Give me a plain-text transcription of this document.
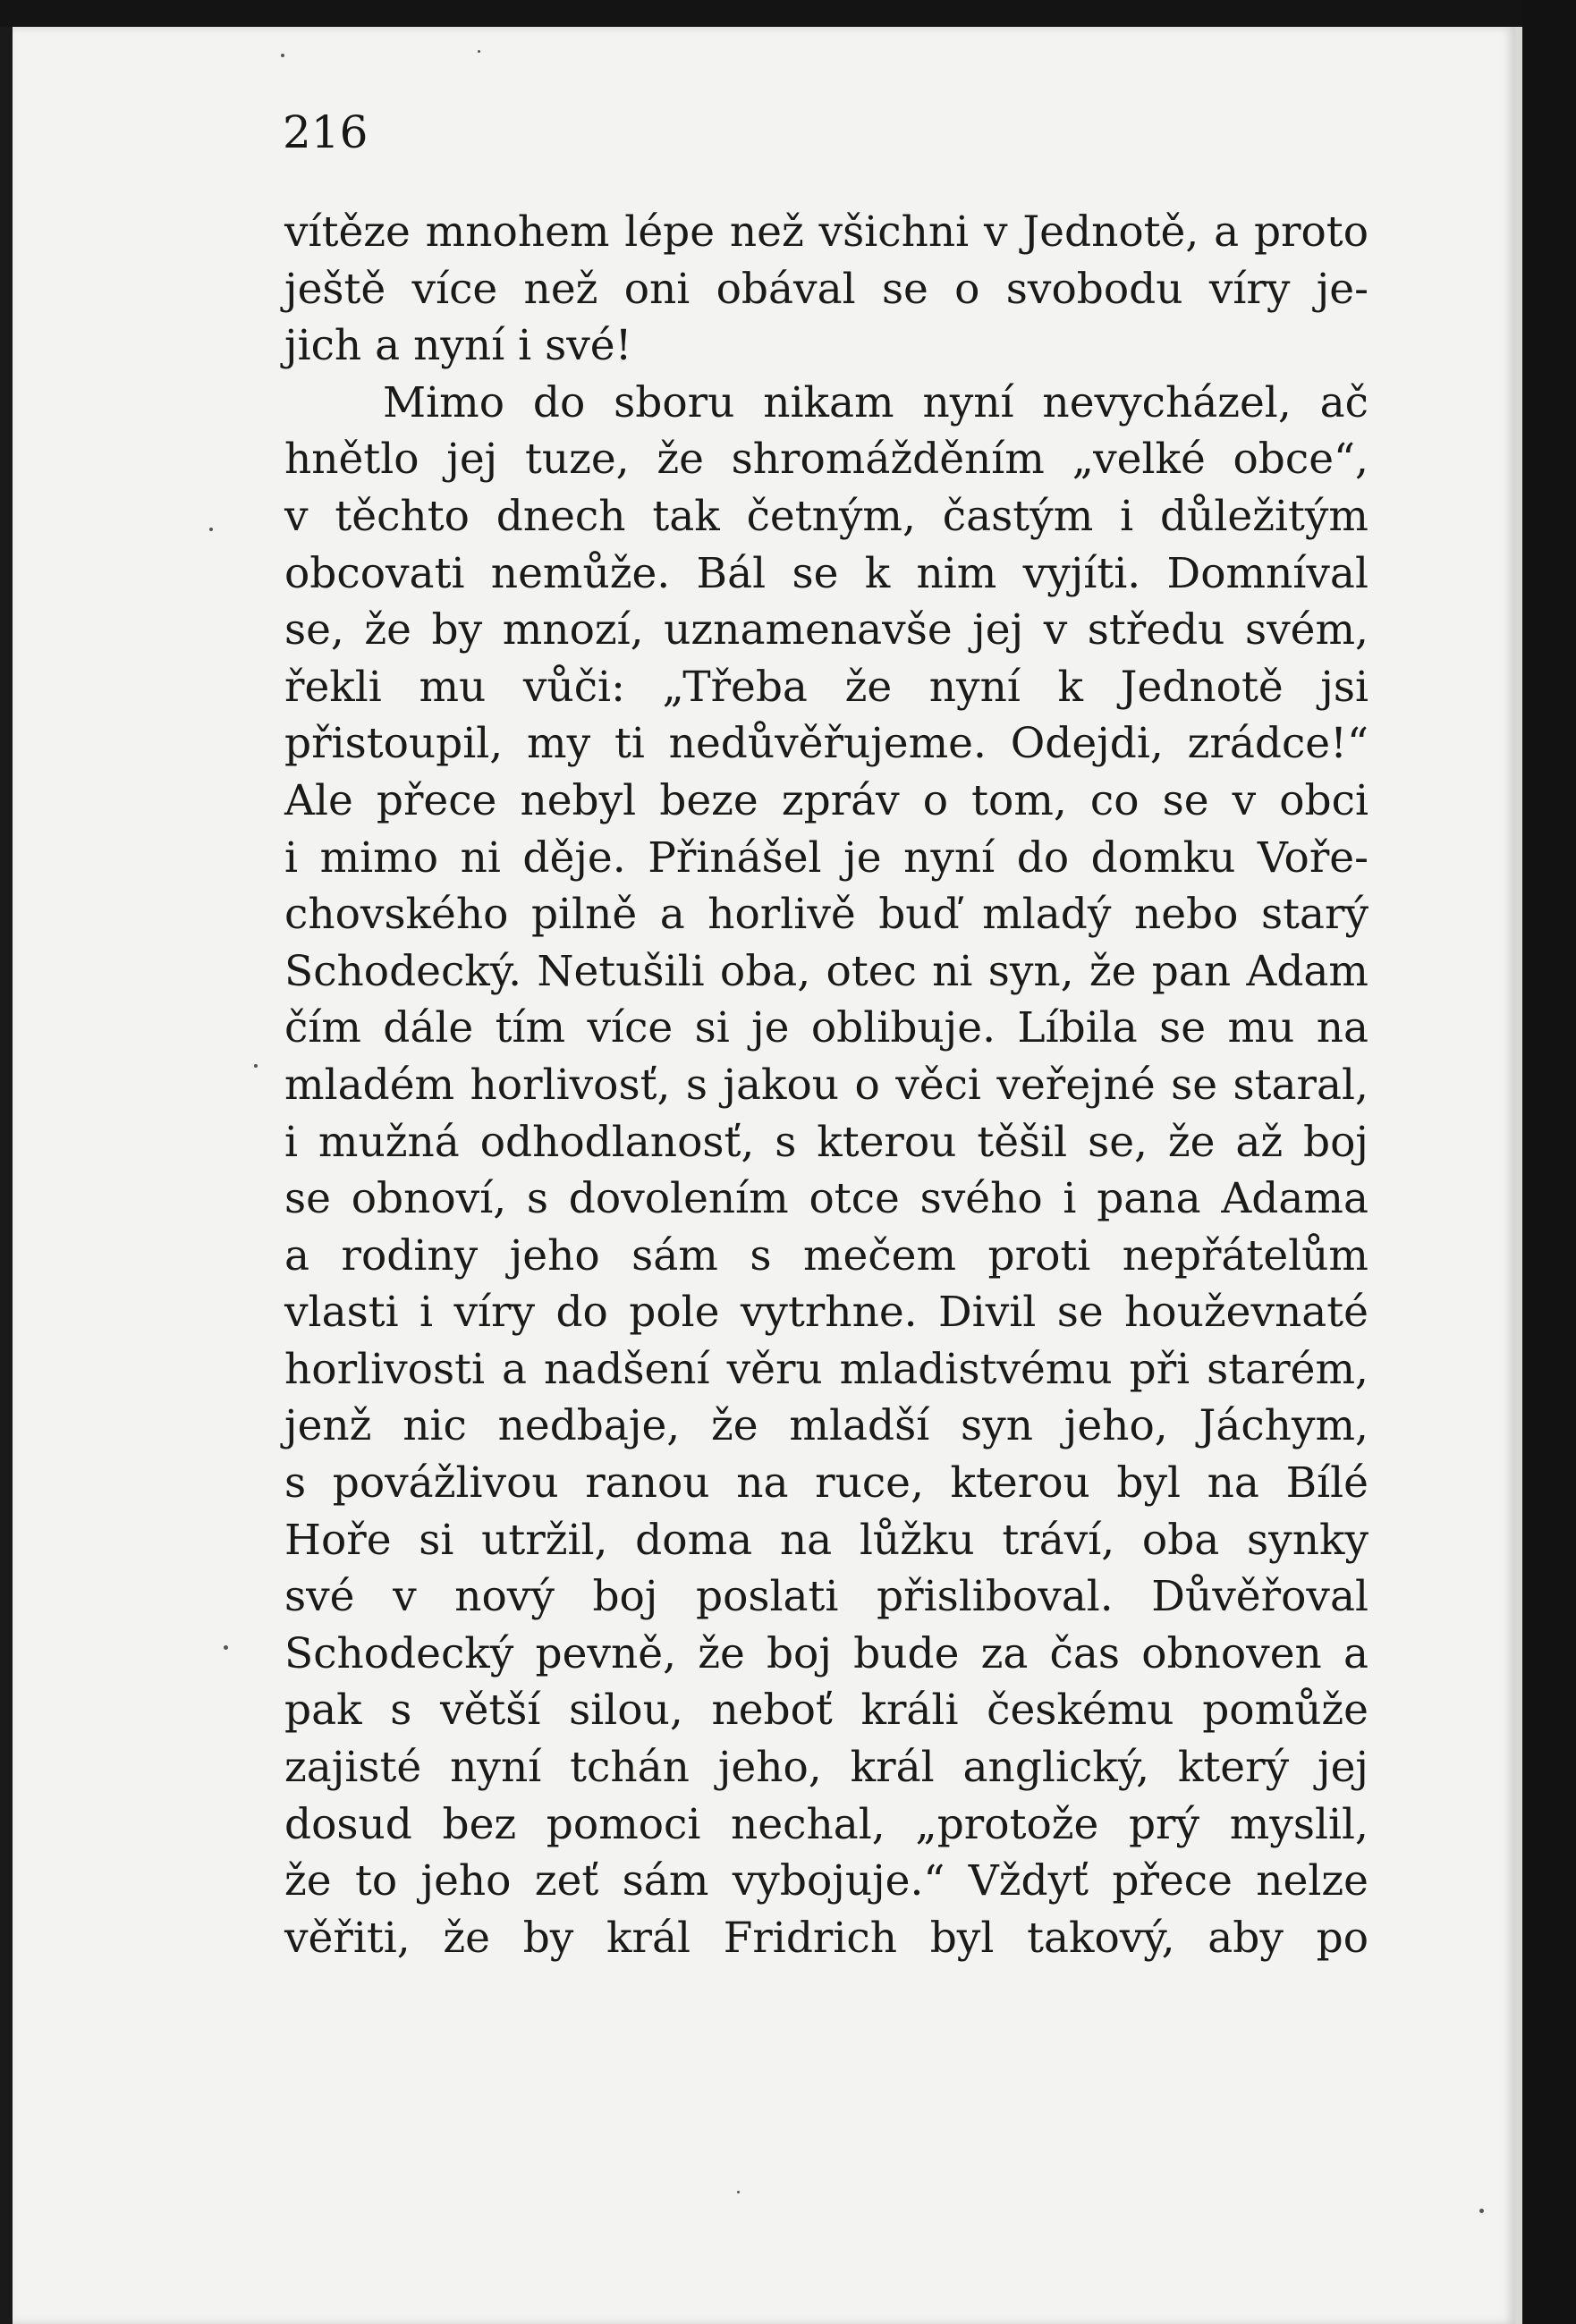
216
vítěze mnohem lépe než všichni v Jednotě, a proto
ještě více než oni obával se o svobodu víry je-
jich a nyní i své!
Mimo do sboru nikam nyní nevycházel, ač
hnětlo jej tuze, že shromážděním „velké obce“,
v těchto dnech tak četným, častým i důležitým
obcovati nemůže. Bál se k nim vyjíti. Domníval
se, že by mnozí, uznamenavše jej v středu svém,
řekli mu vůči: „Třeba že nyní k Jednotě jsi
přistoupil, my ti nedůvěřujeme. Odejdi, zrádce!“
Ale přece nebyl beze zpráv o tom, co se v obci
i mimo ni děje. Přinášel je nyní do domku Voře-
chovského pilně a horlivě buď mladý nebo starý
Schodecký. Netušili oba, otec ni syn, že pan Adam
čím dále tím více si je oblibuje. Líbila se mu na
mladém horlivosť, s jakou o věci veřejné se staral,
i mužná odhodlanosť, s kterou těšil se, že až boj
se obnoví, s dovolením otce svého i pana Adama
a rodiny jeho sám s mečem proti nepřátelům
vlasti i víry do pole vytrhne. Divil se houževnaté
horlivosti a nadšení věru mladistvému při starém,
jenž nic nedbaje, že mladší syn jeho, Jáchym,
s povážlivou ranou na ruce, kterou byl na Bílé
Hoře si utržil, doma na lůžku tráví, oba synky
své v nový boj poslati přisliboval. Důvěřoval
Schodecký pevně, že boj bude za čas obnoven a
pak s větší silou, neboť králi českému pomůže
zajisté nyní tchán jeho, král anglický, který jej
dosud bez pomoci nechal, „protože prý myslil,
že to jeho zeť sám vybojuje.“ Vždyť přece nelze
věřiti, že by král Fridrich byl takový, aby po
